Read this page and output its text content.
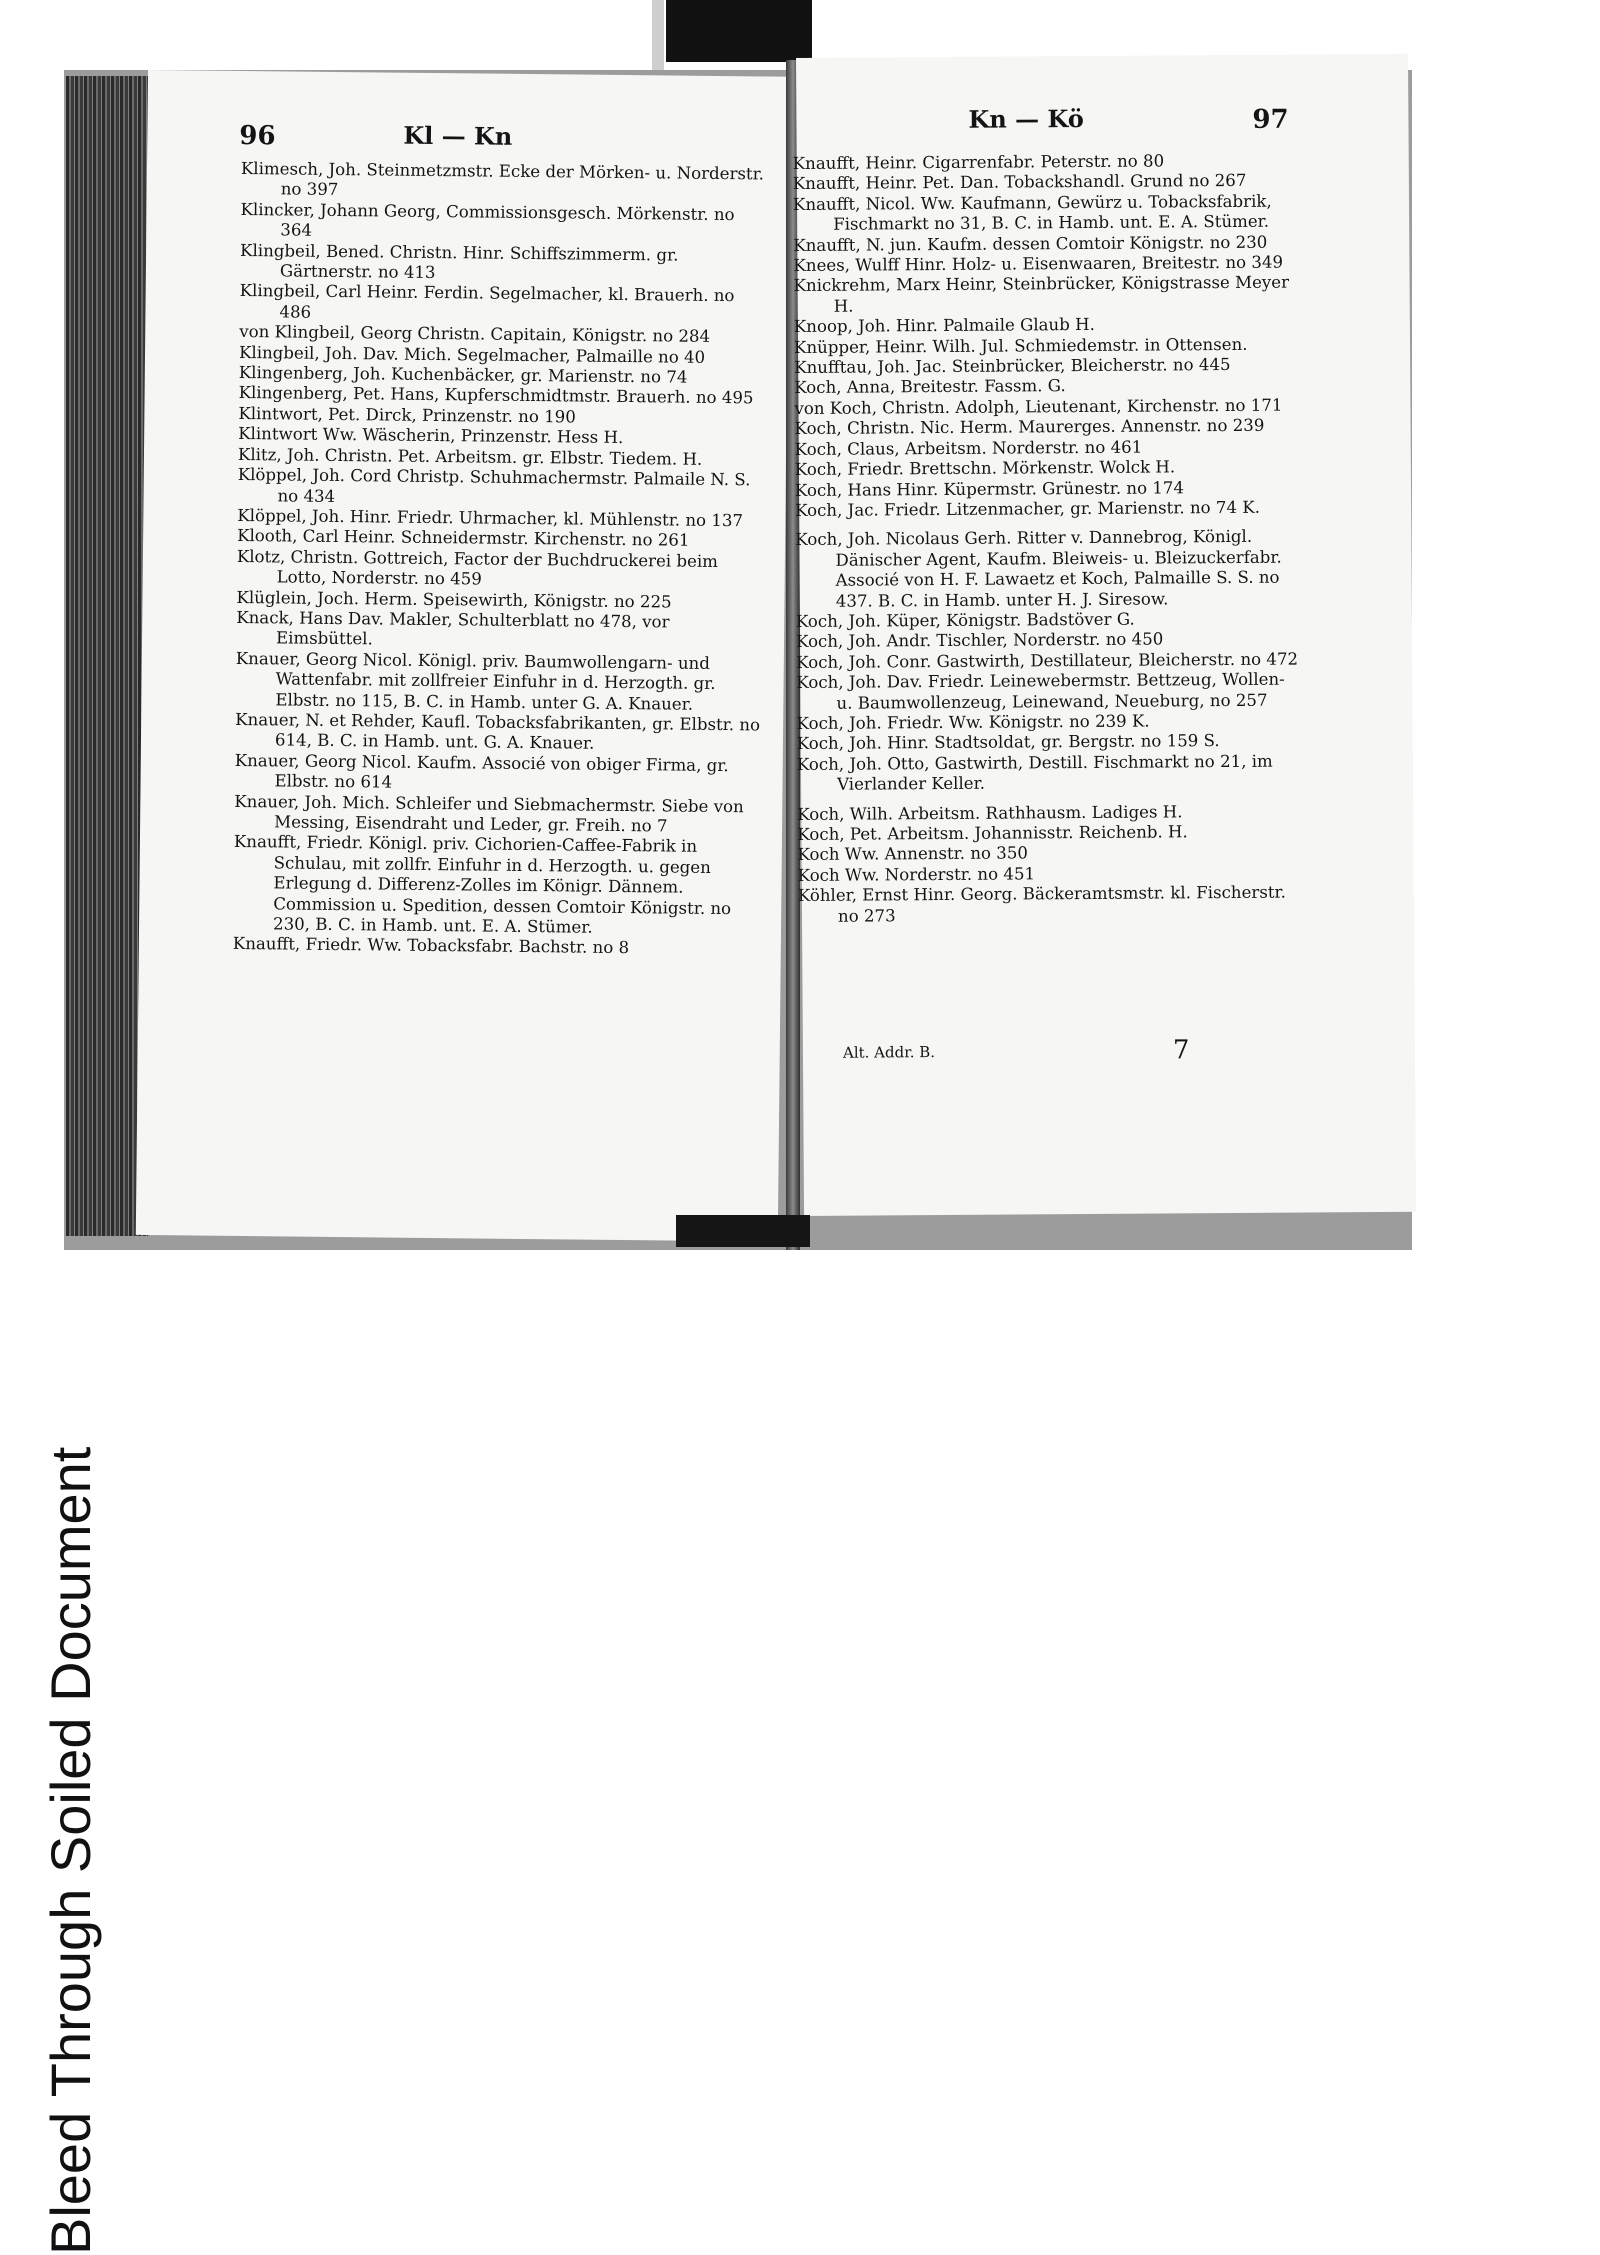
Bleed Through Soiled Document
96	Kl — Kn
Klimesch, Joh. Steinmetzmstr. Ecke der Mörken- u. Norderstr. no 397
Klincker, Johann Georg, Commissionsgesch. Mörkenstr. no 364
Klingbeil, Bened. Christn. Hinr. Schiffszimmerm. gr. Gärtnerstr. no 413
Klingbeil, Carl Heinr. Ferdin. Segelmacher, kl. Brauerh. no 486
von Klingbeil, Georg Christn. Capitain, Königstr. no 284
Klingbeil, Joh. Dav. Mich. Segelmacher, Palmaille no 40
Klingenberg, Joh. Kuchenbäcker, gr. Marienstr. no 74
Klingenberg, Pet. Hans, Kupferschmidtmstr. Brauerh. no 495
Klintwort, Pet. Dirck, Prinzenstr. no 190
Klintwort Ww. Wäscherin, Prinzenstr. Hess H.
Klitz, Joh. Christn. Pet. Arbeitsm. gr. Elbstr. Tiedem. H.
Klöppel, Joh. Cord Christp. Schuhmachermstr. Palmaile N. S. no 434
Klöppel, Joh. Hinr. Friedr. Uhrmacher, kl. Mühlenstr. no 137
Klooth, Carl Heinr. Schneidermstr. Kirchenstr. no 261
Klotz, Christn. Gottreich, Factor der Buchdruckerei beim Lotto, Norderstr. no 459
Klüglein, Joch. Herm. Speisewirth, Königstr. no 225
Knack, Hans Dav. Makler, Schulterblatt no 478, vor Eimsbüttel.
Knauer, Georg Nicol. Königl. priv. Baumwollengarn- und Wattenfabr. mit zollfreier Einfuhr in d. Herzogth. gr. Elbstr. no 115, B. C. in Hamb. unter G. A. Knauer.
Knauer, N. et Rehder, Kaufl. Tobacksfabrikanten, gr. Elbstr. no 614, B. C. in Hamb. unt. G. A. Knauer.
Knauer, Georg Nicol. Kaufm. Associé von obiger Firma, gr. Elbstr. no 614
Knauer, Joh. Mich. Schleifer und Siebmachermstr. Siebe von Messing, Eisendraht und Leder, gr. Freih. no 7
Knaufft, Friedr. Königl. priv. Cichorien-Caffee-Fabrik in Schulau, mit zollfr. Einfuhr in d. Herzogth. u. gegen Erlegung d. Differenz-Zolles im Königr. Dännem. Commission u. Spedition, dessen Comtoir Königstr. no 230, B. C. in Hamb. unt. E. A. Stümer.
Knaufft, Friedr. Ww. Tobacksfabr. Bachstr. no 8
Kn — Kö	97
Knaufft, Heinr. Cigarrenfabr. Peterstr. no 80
Knaufft, Heinr. Pet. Dan. Tobackshandl. Grund no 267
Knaufft, Nicol. Ww. Kaufmann, Gewürz u. Tobacksfabrik, Fischmarkt no 31, B. C. in Hamb. unt. E. A. Stümer.
Knaufft, N. jun. Kaufm. dessen Comtoir Königstr. no 230
Knees, Wulff Hinr. Holz- u. Eisenwaaren, Breitestr. no 349
Knickrehm, Marx Heinr, Steinbrücker, Königstrasse Meyer H.
Knoop, Joh. Hinr. Palmaile Glaub H.
Knüpper, Heinr. Wilh. Jul. Schmiedemstr. in Ottensen.
Knufftau, Joh. Jac. Steinbrücker, Bleicherstr. no 445
Koch, Anna, Breitestr. Fassm. G.
von Koch, Christn. Adolph, Lieutenant, Kirchenstr. no 171
Koch, Christn. Nic. Herm. Maurerges. Annenstr. no 239
Koch, Claus, Arbeitsm. Norderstr. no 461
Koch, Friedr. Brettschn. Mörkenstr. Wolck H.
Koch, Hans Hinr. Küpermstr. Grünestr. no 174
Koch, Jac. Friedr. Litzenmacher, gr. Marienstr. no 74 K.
Koch, Joh. Nicolaus Gerh. Ritter v. Dannebrog, Königl. Dänischer Agent, Kaufm. Bleiweis- u. Bleizuckerfabr. Associé von H. F. Lawaetz et Koch, Palmaille S. S. no 437. B. C. in Hamb. unter H. J. Siresow.
Koch, Joh. Küper, Königstr. Badstöver G.
Koch, Joh. Andr. Tischler, Norderstr. no 450
Koch, Joh. Conr. Gastwirth, Destillateur, Bleicherstr. no 472
Koch, Joh. Dav. Friedr. Leinewebermstr. Bettzeug, Wollen- u. Baumwollenzeug, Leinewand, Neueburg, no 257
Koch, Joh. Friedr. Ww. Königstr. no 239 K.
Koch, Joh. Hinr. Stadtsoldat, gr. Bergstr. no 159 S.
Koch, Joh. Otto, Gastwirth, Destill. Fischmarkt no 21, im Vierlander Keller.
Koch, Wilh. Arbeitsm. Rathhausm. Ladiges H.
Koch, Pet. Arbeitsm. Johannisstr. Reichenb. H.
Koch Ww. Annenstr. no 350
Koch Ww. Norderstr. no 451
Köhler, Ernst Hinr. Georg. Bäckeramtsmstr. kl. Fischerstr. no 273
Alt. Addr. B.	7
